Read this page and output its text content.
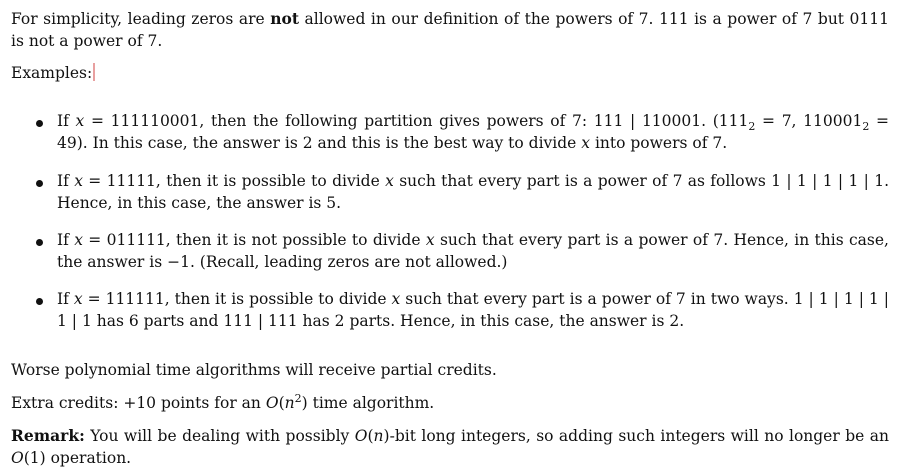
For simplicity, leading zeros are not allowed in our definition of the powers of 7. 111 is a power of 7 but 0111 is not a power of 7.

Examples:

If x = 111110001, then the following partition gives powers of 7: 111 | 110001. ($111_2 = 7$, $110001_2 = 49$). In this case, the answer is 2 and this is the best way to divide x into powers of 7.

If x = 11111, then it is possible to divide x such that every part is a power of 7 as follows 1 | 1 | 1 | 1 | 1. Hence, in this case, the answer is 5.

If x = 011111, then it is not possible to divide x such that every part is a power of 7. Hence, in this case, the answer is −1. (Recall, leading zeros are not allowed.)

If x = 111111, then it is possible to divide x such that every part is a power of 7 in two ways. 1 | 1 | 1 | 1 | 1 | 1 has 6 parts and 111 | 111 has 2 parts. Hence, in this case, the answer is 2.

Worse polynomial time algorithms will receive partial credits.

Extra credits: +10 points for an $O(n^2)$ time algorithm.

Remark: You will be dealing with possibly O(n)-bit long integers, so adding such integers will no longer be an O(1) operation.
